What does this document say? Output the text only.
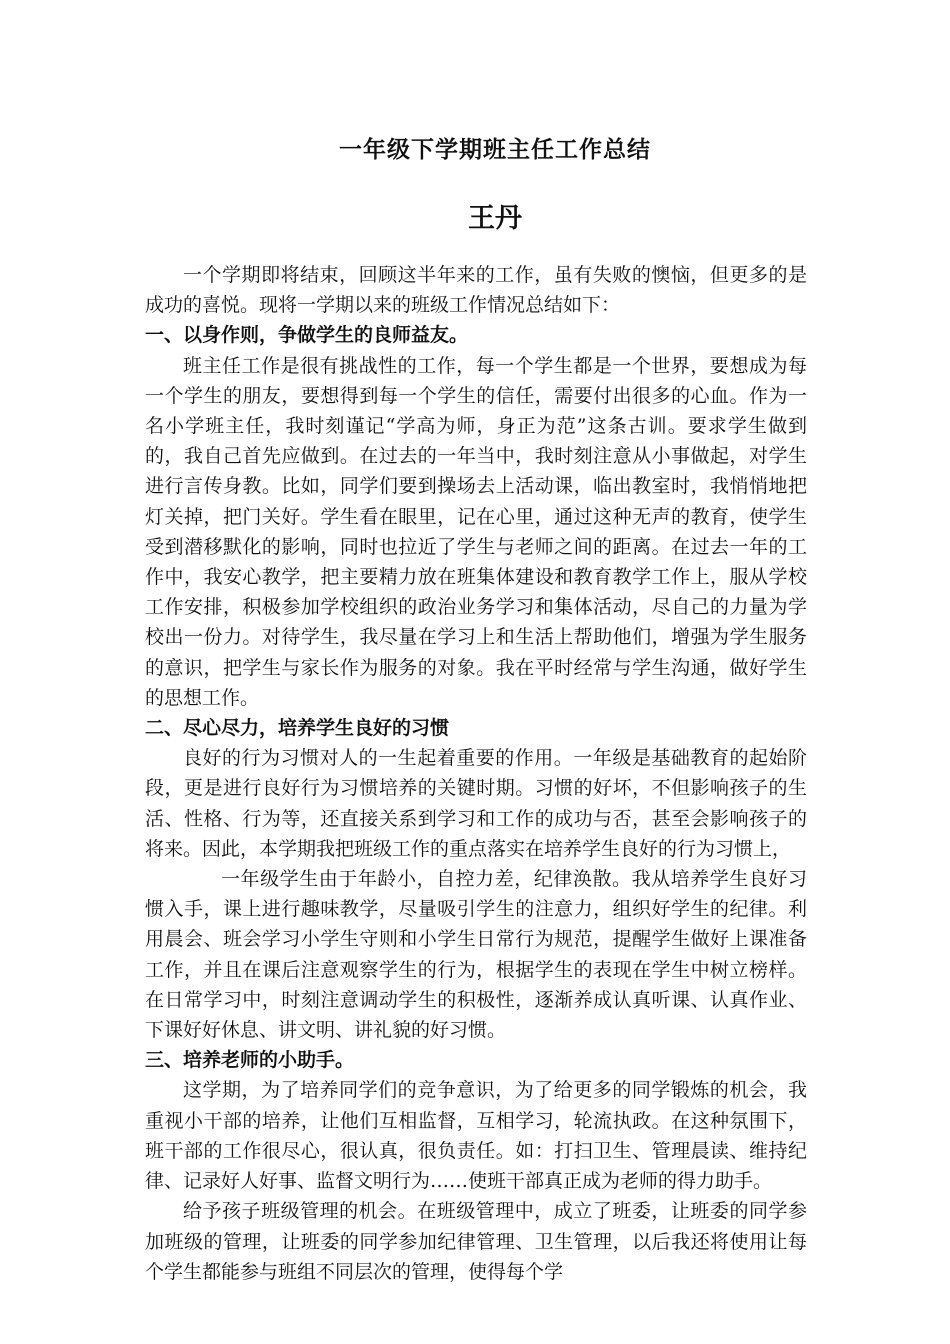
一年级下学期班主任工作总结
王丹

一个学期即将结束，回顾这半年来的工作，虽有失败的懊恼，但更多的是成功的喜悦。现将一学期以来的班级工作情况总结如下：

一、以身作则，争做学生的良师益友。

班主任工作是很有挑战性的工作，每一个学生都是一个世界，要想成为每一个学生的朋友，要想得到每一个学生的信任，需要付出很多的心血。作为一名小学班主任，我时刻谨记“学高为师，身正为范”这条古训。要求学生做到的，我自己首先应做到。在过去的一年当中，我时刻注意从小事做起，对学生进行言传身教。比如，同学们要到操场去上活动课，临出教室时，我悄悄地把灯关掉，把门关好。学生看在眼里，记在心里，通过这种无声的教育，使学生受到潜移默化的影响，同时也拉近了学生与老师之间的距离。在过去一年的工作中，我安心教学，把主要精力放在班集体建设和教育教学工作上，服从学校工作安排，积极参加学校组织的政治业务学习和集体活动，尽自己的力量为学校出一份力。对待学生，我尽量在学习上和生活上帮助他们，增强为学生服务的意识，把学生与家长作为服务的对象。我在平时经常与学生沟通，做好学生的思想工作。

二、尽心尽力，培养学生良好的习惯

良好的行为习惯对人的一生起着重要的作用。一年级是基础教育的起始阶段，更是进行良好行为习惯培养的关键时期。习惯的好坏，不但影响孩子的生活、性格、行为等，还直接关系到学习和工作的成功与否，甚至会影响孩子的将来。因此，本学期我把班级工作的重点落实在培养学生良好的行为习惯上，

一年级学生由于年龄小，自控力差，纪律涣散。我从培养学生良好习惯入手，课上进行趣味教学，尽量吸引学生的注意力，组织好学生的纪律。利用晨会、班会学习小学生守则和小学生日常行为规范，提醒学生做好上课准备工作，并且在课后注意观察学生的行为，根据学生的表现在学生中树立榜样。在日常学习中，时刻注意调动学生的积极性，逐渐养成认真听课、认真作业、下课好好休息、讲文明、讲礼貌的好习惯。

三、培养老师的小助手。

这学期，为了培养同学们的竞争意识，为了给更多的同学锻炼的机会，我重视小干部的培养，让他们互相监督，互相学习，轮流执政。在这种氛围下，班干部的工作很尽心，很认真，很负责任。如：打扫卫生、管理晨读、维持纪律、记录好人好事、监督文明行为……使班干部真正成为老师的得力助手。

给予孩子班级管理的机会。在班级管理中，成立了班委，让班委的同学参加班级的管理，让班委的同学参加纪律管理、卫生管理，以后我还将使用让每个学生都能参与班组不同层次的管理，使得每个学
